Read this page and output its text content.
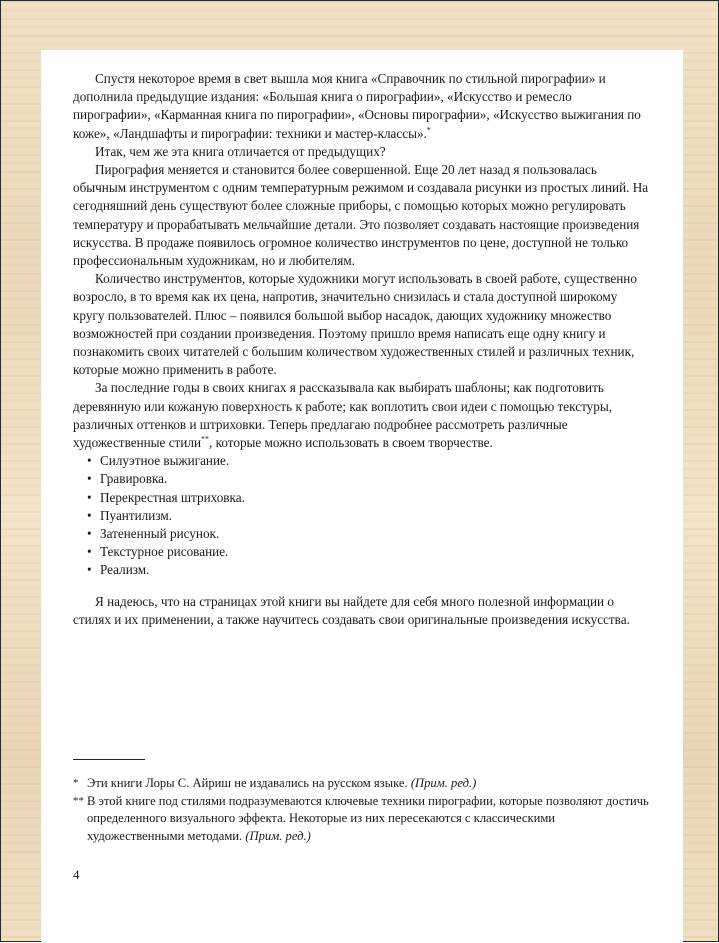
Спустя некоторое время в свет вышла моя книга «Справочник по стильной пирографии» и дополнила предыдущие издания: «Большая книга о пирографии», «Искусство и ремесло пирографии», «Карманная книга по пирографии», «Основы пирографии», «Искусство выжигания по коже», «Ландшафты и пирографии: техники и мастер-классы».*

Итак, чем же эта книга отличается от предыдущих?

Пирография меняется и становится более совершенной. Еще 20 лет назад я пользовалась обычным инструментом с одним температурным режимом и создавала рисунки из простых линий. На сегодняшний день существуют более сложные приборы, с помощью которых можно регулировать температуру и прорабатывать мельчайшие детали. Это позволяет создавать настоящие произведения искусства. В продаже появилось огромное количество инструментов по цене, доступной не только профессиональным художникам, но и любителям.

Количество инструментов, которые художники могут использовать в своей работе, существенно возросло, в то время как их цена, напротив, значительно снизилась и стала доступной широкому кругу пользователей. Плюс – появился большой выбор насадок, дающих художнику множество возможностей при создании произведения. Поэтому пришло время написать еще одну книгу и познакомить своих читателей с большим количеством художественных стилей и различных техник, которые можно применить в работе.

За последние годы в своих книгах я рассказывала как выбирать шаблоны; как подготовить деревянную или кожаную поверхность к работе; как воплотить свои идеи с помощью текстуры, различных оттенков и штриховки. Теперь предлагаю подробнее рассмотреть различные художественные стили**, которые можно использовать в своем творчестве.

• Силуэтное выжигание.
• Гравировка.
• Перекрестная штриховка.
• Пуантилизм.
• Затененный рисунок.
• Текстурное рисование.
• Реализм.

Я надеюсь, что на страницах этой книги вы найдете для себя много полезной информации о стилях и их применении, а также научитесь создавать свои оригинальные произведения искусства.

* Эти книги Лоры С. Айриш не издавались на русском языке. (Прим. ред.)
** В этой книге под стилями подразумеваются ключевые техники пирографии, которые позволяют достичь определенного визуального эффекта. Некоторые из них пересекаются с классическими художественными методами. (Прим. ред.)
4
